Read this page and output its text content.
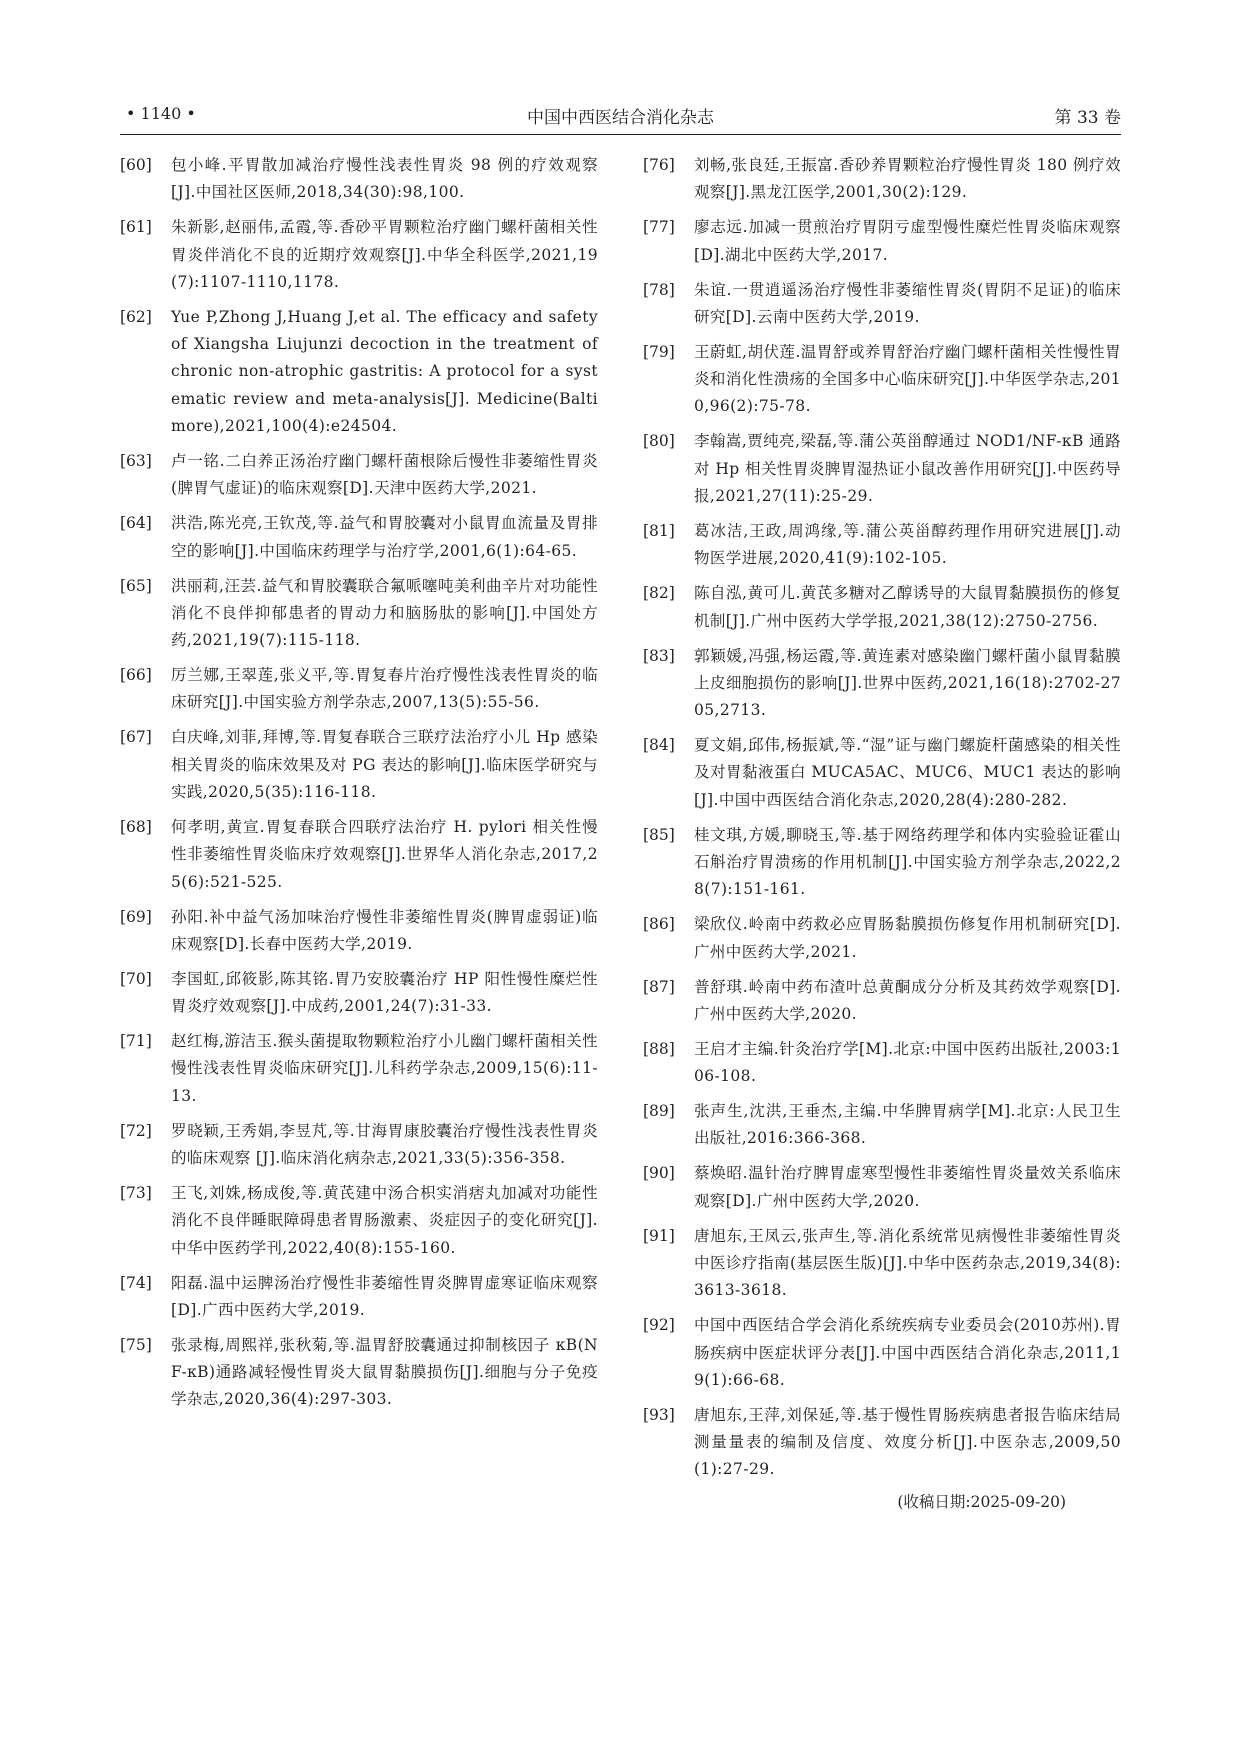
• 1140 •	中国中西医结合消化杂志	第 33 卷
[60] 包小峰.平胃散加减治疗慢性浅表性胃炎 98 例的疗效观察[J].中国社区医师,2018,34(30):98,100.
[61] 朱新影,赵丽伟,孟霞,等.香砂平胃颗粒治疗幽门螺杆菌相关性胃炎伴消化不良的近期疗效观察[J].中华全科医学,2021,19(7):1107-1110,1178.
[62] Yue P,Zhong J,Huang J,et al. The efficacy and safety of Xiangsha Liujunzi decoction in the treatment of chronic non-atrophic gastritis: A protocol for a systematic review and meta-analysis[J]. Medicine(Baltimore),2021,100(4):e24504.
[63] 卢一铭.二白养正汤治疗幽门螺杆菌根除后慢性非萎缩性胃炎(脾胃气虚证)的临床观察[D].天津中医药大学,2021.
[64] 洪浩,陈光亮,王钦茂,等.益气和胃胶囊对小鼠胃血流量及胃排空的影响[J].中国临床药理学与治疗学,2001,6(1):64-65.
[65] 洪丽莉,汪芸.益气和胃胶囊联合氟哌噻吨美利曲辛片对功能性消化不良伴抑郁患者的胃动力和脑肠肽的影响[J].中国处方药,2021,19(7):115-118.
[66] 厉兰娜,王翠莲,张义平,等.胃复春片治疗慢性浅表性胃炎的临床研究[J].中国实验方剂学杂志,2007,13(5):55-56.
[67] 白庆峰,刘菲,拜博,等.胃复春联合三联疗法治疗小儿 Hp 感染相关胃炎的临床效果及对 PG 表达的影响[J].临床医学研究与实践,2020,5(35):116-118.
[68] 何孝明,黄宣.胃复春联合四联疗法治疗 H. pylori 相关性慢性非萎缩性胃炎临床疗效观察[J].世界华人消化杂志,2017,25(6):521-525.
[69] 孙阳.补中益气汤加味治疗慢性非萎缩性胃炎(脾胃虚弱证)临床观察[D].长春中医药大学,2019.
[70] 李国虹,邱筱影,陈其铭.胃乃安胶囊治疗 HP 阳性慢性糜烂性胃炎疗效观察[J].中成药,2001,24(7):31-33.
[71] 赵红梅,游洁玉.猴头菌提取物颗粒治疗小儿幽门螺杆菌相关性慢性浅表性胃炎临床研究[J].儿科药学杂志,2009,15(6):11-13.
[72] 罗晓颖,王秀娟,李昱芃,等.甘海胃康胶囊治疗慢性浅表性胃炎的临床观察 [J].临床消化病杂志,2021,33(5):356-358.
[73] 王飞,刘姝,杨成俊,等.黄芪建中汤合枳实消痞丸加减对功能性消化不良伴睡眠障碍患者胃肠激素、炎症因子的变化研究[J].中华中医药学刊,2022,40(8):155-160.
[74] 阳磊.温中运脾汤治疗慢性非萎缩性胃炎脾胃虚寒证临床观察[D].广西中医药大学,2019.
[75] 张录梅,周熙祥,张秋菊,等.温胃舒胶囊通过抑制核因子 κB(NF-κB)通路减轻慢性胃炎大鼠胃黏膜损伤[J].细胞与分子免疫学杂志,2020,36(4):297-303.
[76] 刘畅,张良廷,王振富.香砂养胃颗粒治疗慢性胃炎 180 例疗效观察[J].黑龙江医学,2001,30(2):129.
[77] 廖志远.加减一贯煎治疗胃阴亏虚型慢性糜烂性胃炎临床观察[D].湖北中医药大学,2017.
[78] 朱谊.一贯逍遥汤治疗慢性非萎缩性胃炎(胃阴不足证)的临床研究[D].云南中医药大学,2019.
[79] 王蔚虹,胡伏莲.温胃舒或养胃舒治疗幽门螺杆菌相关性慢性胃炎和消化性溃疡的全国多中心临床研究[J].中华医学杂志,2010,96(2):75-78.
[80] 李翰嵩,贾纯亮,梁磊,等.蒲公英甾醇通过 NOD1/NF-κB 通路对 Hp 相关性胃炎脾胃湿热证小鼠改善作用研究[J].中医药导报,2021,27(11):25-29.
[81] 葛冰洁,王政,周鸿缘,等.蒲公英甾醇药理作用研究进展[J].动物医学进展,2020,41(9):102-105.
[82] 陈自泓,黄可儿.黄芪多糖对乙醇诱导的大鼠胃黏膜损伤的修复机制[J].广州中医药大学学报,2021,38(12):2750-2756.
[83] 郭颖媛,冯强,杨运霞,等.黄连素对感染幽门螺杆菌小鼠胃黏膜上皮细胞损伤的影响[J].世界中医药,2021,16(18):2702-2705,2713.
[84] 夏文娟,邱伟,杨振斌,等.“湿”证与幽门螺旋杆菌感染的相关性及对胃黏液蛋白 MUCA5AC、MUC6、MUC1 表达的影响[J].中国中西医结合消化杂志,2020,28(4):280-282.
[85] 桂文琪,方媛,聊晓玉,等.基于网络药理学和体内实验验证霍山石斛治疗胃溃疡的作用机制[J].中国实验方剂学杂志,2022,28(7):151-161.
[86] 梁欣仪.岭南中药救必应胃肠黏膜损伤修复作用机制研究[D].广州中医药大学,2021.
[87] 普舒琪.岭南中药布渣叶总黄酮成分分析及其药效学观察[D].广州中医药大学,2020.
[88] 王启才主编.针灸治疗学[M].北京:中国中医药出版社,2003:106-108.
[89] 张声生,沈洪,王垂杰,主编.中华脾胃病学[M].北京:人民卫生出版社,2016:366-368.
[90] 蔡焕昭.温针治疗脾胃虚寒型慢性非萎缩性胃炎量效关系临床观察[D].广州中医药大学,2020.
[91] 唐旭东,王凤云,张声生,等.消化系统常见病慢性非萎缩性胃炎中医诊疗指南(基层医生版)[J].中华中医药杂志,2019,34(8):3613-3618.
[92] 中国中西医结合学会消化系统疾病专业委员会(2010苏州).胃肠疾病中医症状评分表[J].中国中西医结合消化杂志,2011,19(1):66-68.
[93] 唐旭东,王萍,刘保延,等.基于慢性胃肠疾病患者报告临床结局测量量表的编制及信度、效度分析[J].中医杂志,2009,50(1):27-29.
(收稿日期:2025-09-20)
